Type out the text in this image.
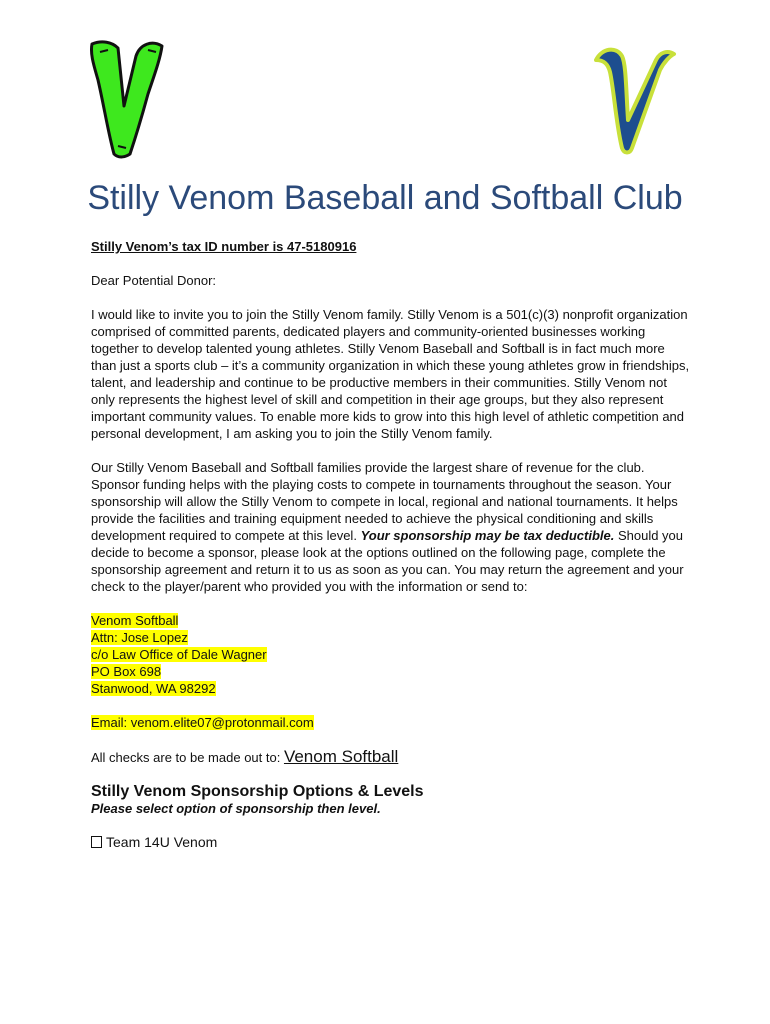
Stilly Venom Baseball and Softball Club

Stilly Venom’s tax ID number is 47-5180916

Dear Potential Donor:

I would like to invite you to join the Stilly Venom family. Stilly Venom is a 501(c)(3) nonprofit organization comprised of committed parents, dedicated players and community-oriented businesses working together to develop talented young athletes. Stilly Venom Baseball and Softball is in fact much more than just a sports club – it’s a community organization in which these young athletes grow in friendships, talent, and leadership and continue to be productive members in their communities. Stilly Venom not only represents the highest level of skill and competition in their age groups, but they also represent important community values. To enable more kids to grow into this high level of athletic competition and personal development, I am asking you to join the Stilly Venom family.

Our Stilly Venom Baseball and Softball families provide the largest share of revenue for the club. Sponsor funding helps with the playing costs to compete in tournaments throughout the season. Your sponsorship will allow the Stilly Venom to compete in local, regional and national tournaments. It helps provide the facilities and training equipment needed to achieve the physical conditioning and skills development required to compete at this level. Your sponsorship may be tax deductible. Should you decide to become a sponsor, please look at the options outlined on the following page, complete the sponsorship agreement and return it to us as soon as you can. You may return the agreement and your check to the player/parent who provided you with the information or send to:

Venom Softball

Attn: Jose Lopez

c/o Law Office of Dale Wagner

PO Box 698

Stanwood, WA 98292

Email: venom.elite07@protonmail.com

All checks are to be made out to: Venom Softball

Stilly Venom Sponsorship Options & Levels

Please select option of sponsorship then level.

Team 14U Venom
